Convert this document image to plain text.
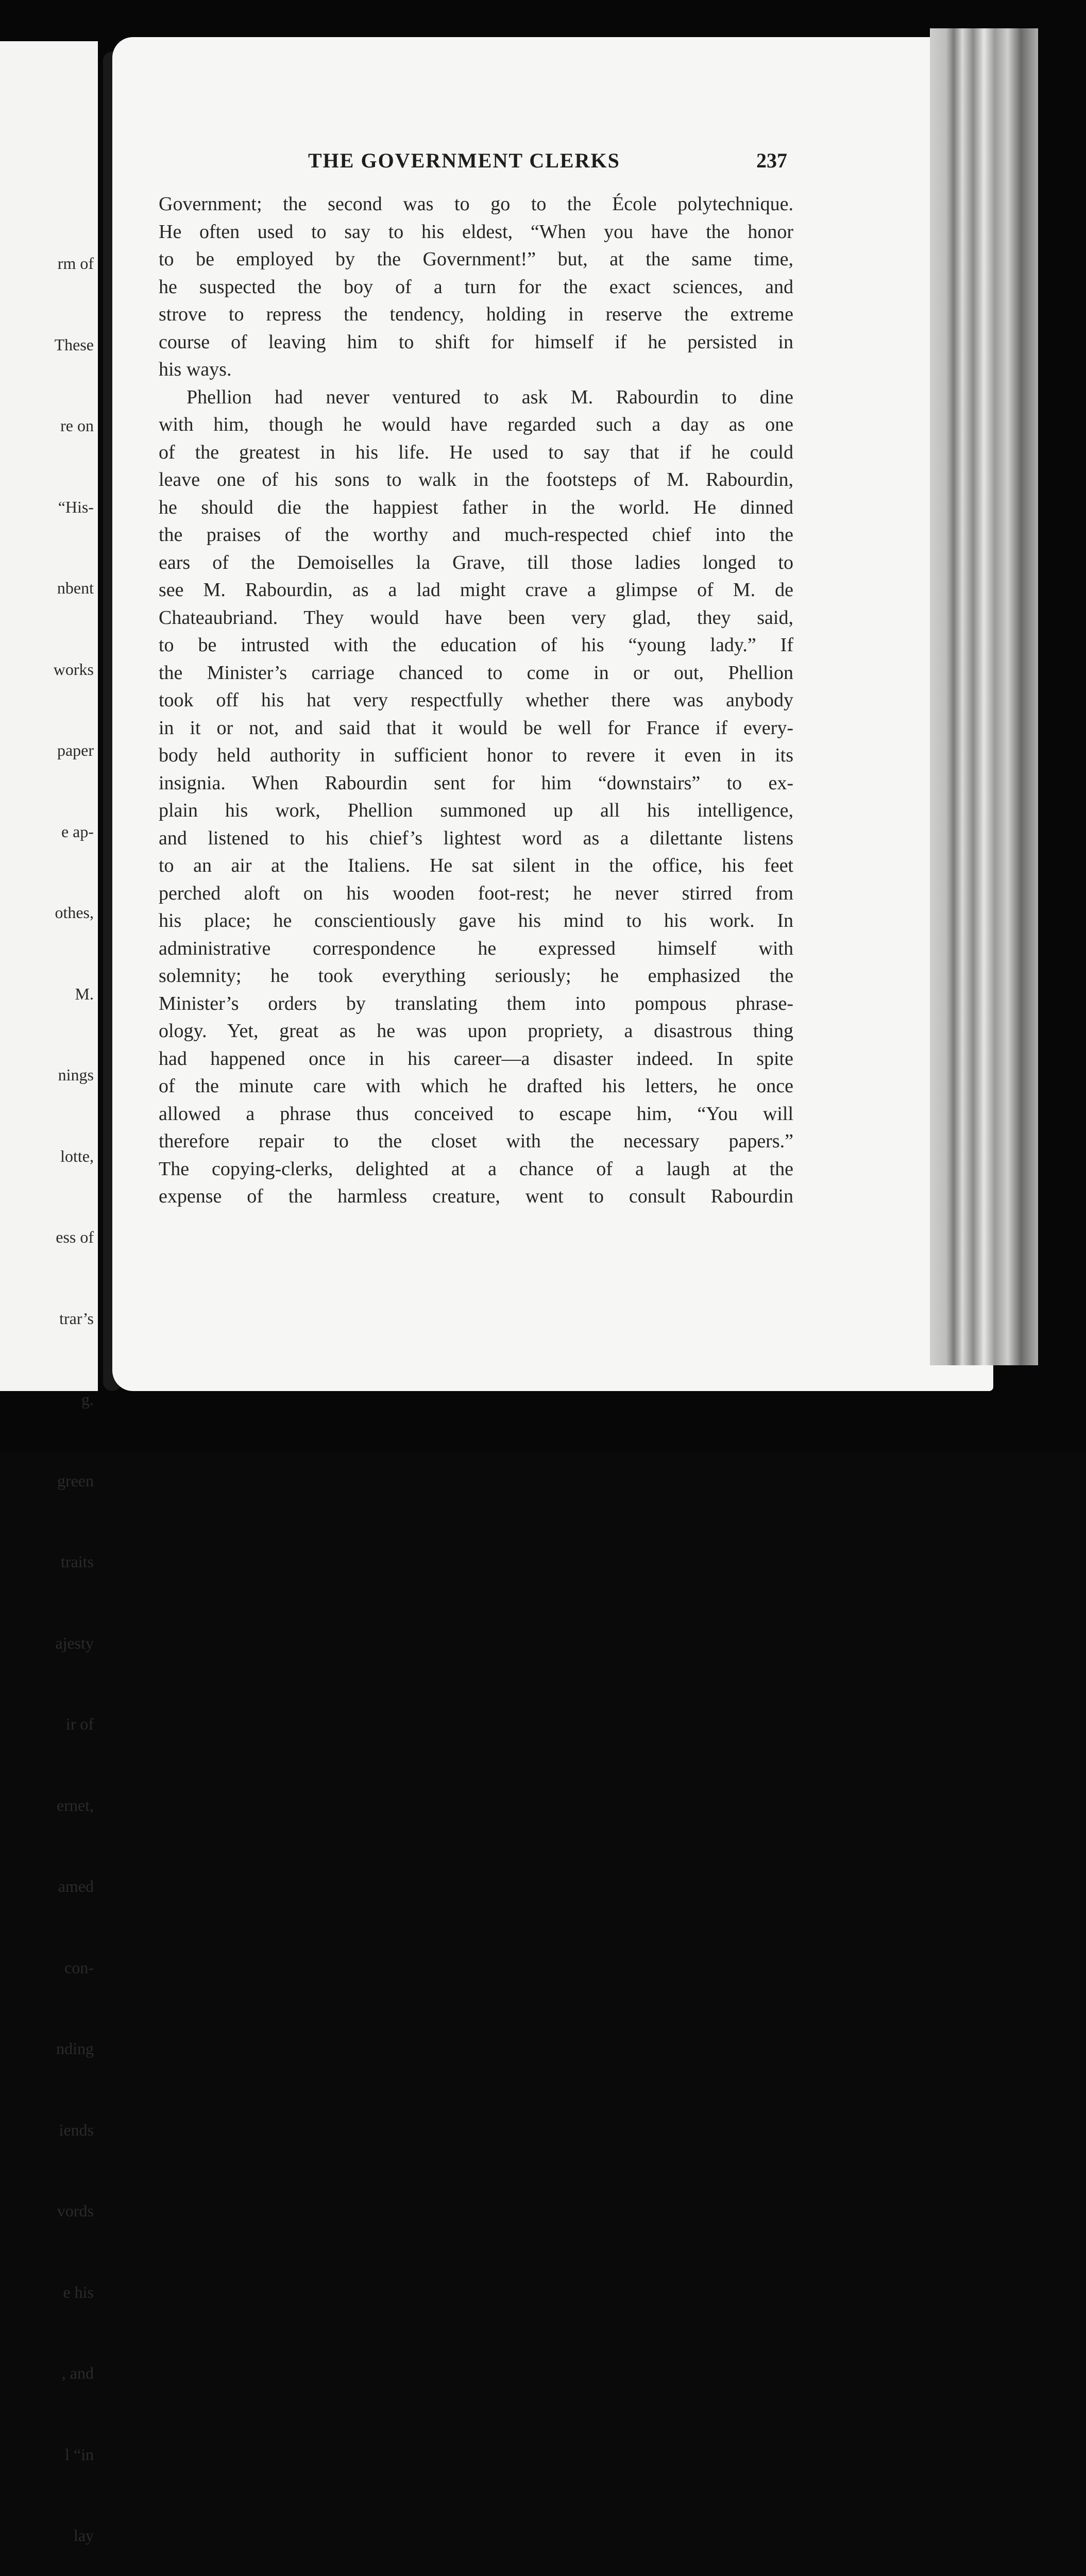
rm of

These

re on

“His-

nbent

works

paper

e ap-

othes,

M.

nings

lotte,

ess of

trar’s

g.

green

traits

ajesty

ir of

ernet,

amed

con-

nding

iends

vords

e his

, and

l “in

lay

THE GOVERNMENT CLERKS	237
Government; the second was to go to the École polytechnique.
He often used to say to his eldest, “When you have the honor
to be employed by the Government!” but, at the same time,
he suspected the boy of a turn for the exact sciences, and
strove to repress the tendency, holding in reserve the extreme
course of leaving him to shift for himself if he persisted in
his ways.
Phellion had never ventured to ask M. Rabourdin to dine
with him, though he would have regarded such a day as one
of the greatest in his life. He used to say that if he could
leave one of his sons to walk in the footsteps of M. Rabourdin,
he should die the happiest father in the world. He dinned
the praises of the worthy and much-respected chief into the
ears of the Demoiselles la Grave, till those ladies longed to
see M. Rabourdin, as a lad might crave a glimpse of M. de
Chateaubriand. They would have been very glad, they said,
to be intrusted with the education of his “young lady.” If
the Minister’s carriage chanced to come in or out, Phellion
took off his hat very respectfully whether there was anybody
in it or not, and said that it would be well for France if every-
body held authority in sufficient honor to revere it even in its
insignia. When Rabourdin sent for him “downstairs” to ex-
plain his work, Phellion summoned up all his intelligence,
and listened to his chief’s lightest word as a dilettante listens
to an air at the Italiens. He sat silent in the office, his feet
perched aloft on his wooden foot-rest; he never stirred from
his place; he conscientiously gave his mind to his work. In
administrative correspondence he expressed himself with
solemnity; he took everything seriously; he emphasized the
Minister’s orders by translating them into pompous phrase-
ology. Yet, great as he was upon propriety, a disastrous thing
had happened once in his career—a disaster indeed. In spite
of the minute care with which he drafted his letters, he once
allowed a phrase thus conceived to escape him, “You will
therefore repair to the closet with the necessary papers.”
The copying-clerks, delighted at a chance of a laugh at the
expense of the harmless creature, went to consult Rabourdin
